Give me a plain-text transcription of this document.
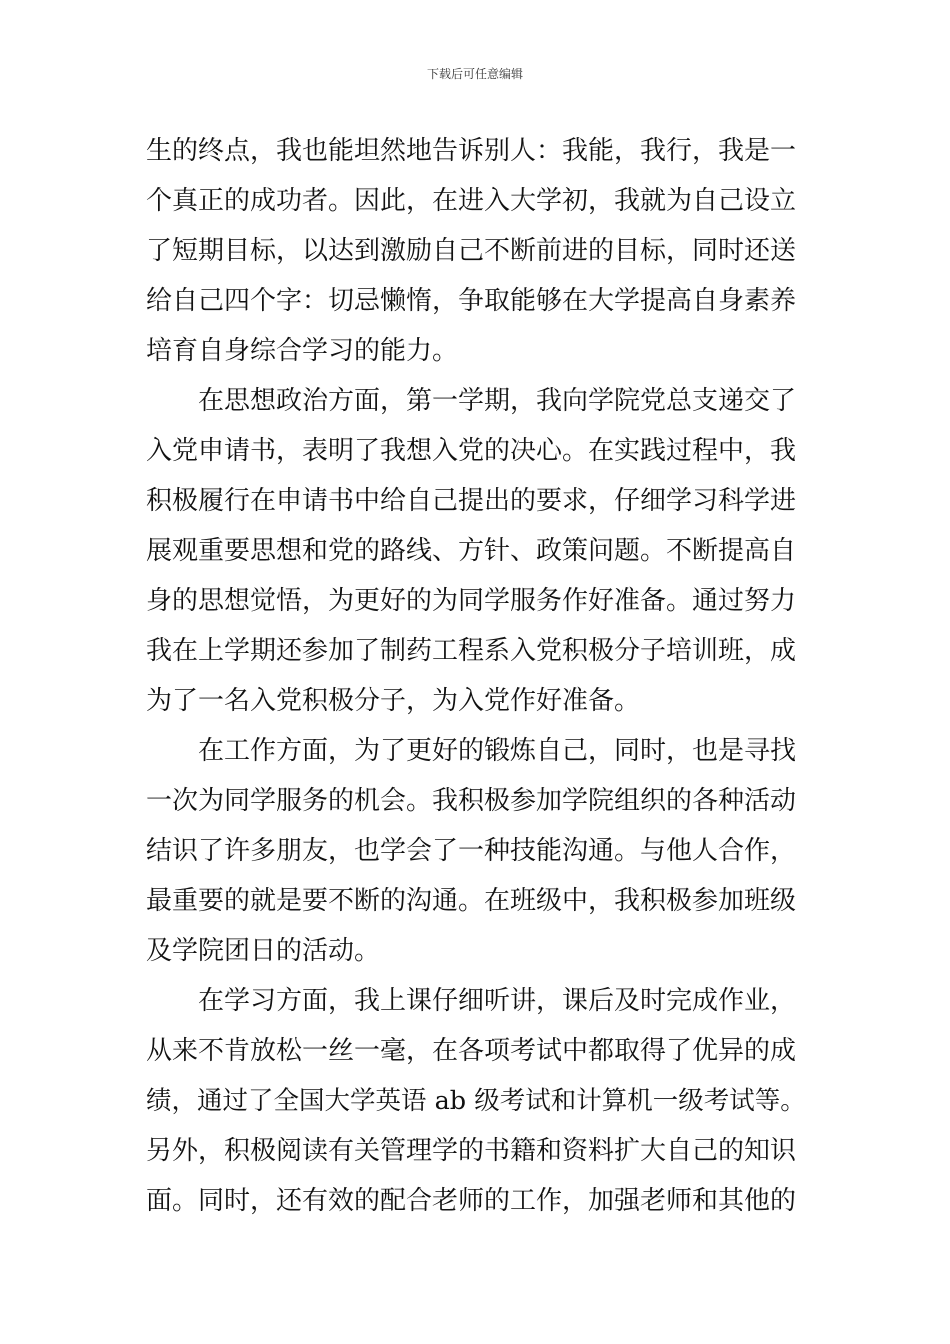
下载后可任意编辑
生的终点，我也能坦然地告诉别人：我能，我行，我是一
个真正的成功者。因此，在进入大学初，我就为自己设立
了短期目标，以达到激励自己不断前进的目标，同时还送
给自己四个字：切忌懒惰，争取能够在大学提高自身素养
培育自身综合学习的能力。
在思想政治方面，第一学期，我向学院党总支递交了
入党申请书，表明了我想入党的决心。在实践过程中，我
积极履行在申请书中给自己提出的要求，仔细学习科学进
展观重要思想和党的路线、方针、政策问题。不断提高自
身的思想觉悟，为更好的为同学服务作好准备。通过努力
我在上学期还参加了制药工程系入党积极分子培训班，成
为了一名入党积极分子，为入党作好准备。
在工作方面，为了更好的锻炼自己，同时，也是寻找
一次为同学服务的机会。我积极参加学院组织的各种活动
结识了许多朋友，也学会了一种技能沟通。与他人合作，
最重要的就是要不断的沟通。在班级中，我积极参加班级
及学院团日的活动。
在学习方面，我上课仔细听讲，课后及时完成作业，
从来不肯放松一丝一毫，在各项考试中都取得了优异的成
绩，通过了全国大学英语 ab 级考试和计算机一级考试等。
另外，积极阅读有关管理学的书籍和资料扩大自己的知识
面。同时，还有效的配合老师的工作，加强老师和其他的
